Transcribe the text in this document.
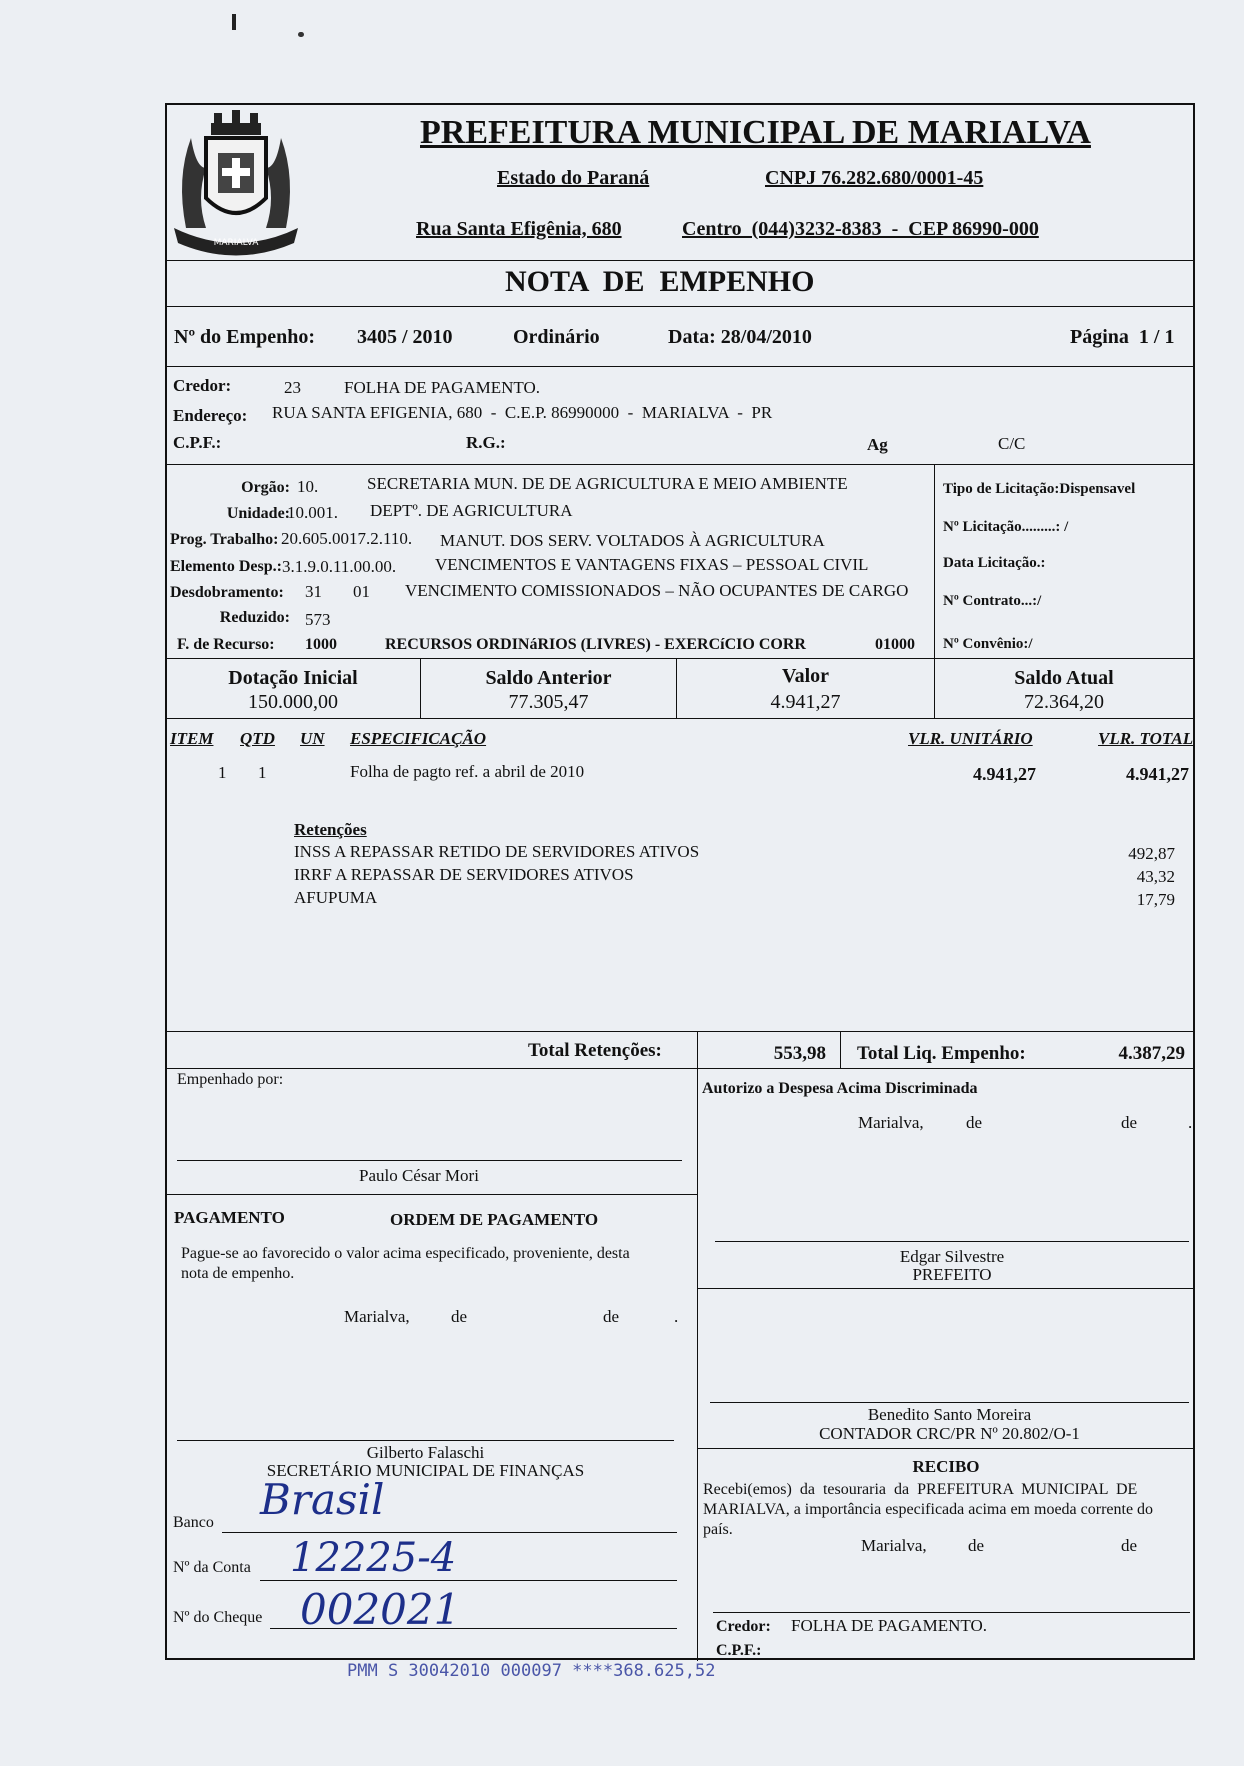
MARIALVA
PREFEITURA MUNICIPAL DE MARIALVA
Estado do Paraná	CNPJ 76.282.680/0001-45
Rua Santa Efigênia, 680	Centro  (044)3232-8383  -  CEP 86990-000
NOTA  DE  EMPENHO
Nº do Empenho: 3405 / 2010	Ordinário	Data: 28/04/2010	Página  1 / 1
Credor:	23	FOLHA DE PAGAMENTO.
Endereço: RUA SANTA EFIGENIA, 680  -  C.E.P. 86990000  -  MARIALVA  -  PR
C.P.F.:	R.G.:	Ag	C/C
Orgão: 10.	SECRETARIA MUN. DE DE AGRICULTURA E MEIO AMBIENTE
Unidade:
10.001. DEPTº. DE AGRICULTURA
Prog. Trabalho: 20.605.0017.2.110. MANUT. DOS SERV. VOLTADOS À AGRICULTURA
Elemento Desp.: 3.1.9.0.11.00.00. VENCIMENTOS E VANTAGENS FIXAS – PESSOAL CIVIL
Desdobramento: 31 01 VENCIMENTO COMISSIONADOS – NÃO OCUPANTES DE CARGO
Reduzido: 573
F. de Recurso: 1000	RECURSOS ORDINáRIOS (LIVRES) - EXERCíCIO CORR	01000
Tipo de Licitação:Dispensavel
Nº Licitação.........: /
Data Licitação.:
Nº Contrato...:/
Nº Convênio:/
Dotação Inicial
150.000,00
Saldo Anterior
77.305,47
Valor
4.941,27
Saldo Atual
72.364,20
ITEM QTD UN ESPECIFICAÇÃO	VLR. UNITÁRIO	VLR. TOTAL
1 1	Folha de pagto ref. a abril de 2010	4.941,27	4.941,27
Retenções
INSS A REPASSAR RETIDO DE SERVIDORES ATIVOS	492,87
IRRF A REPASSAR DE SERVIDORES ATIVOS	43,32
AFUPUMA	17,79
Total Retenções:	553,98 Total Liq. Empenho:	4.387,29
Empenhado por:
Paulo César Mori
PAGAMENTO	ORDEM DE PAGAMENTO
Pague-se ao favorecido o valor acima especificado, proveniente, desta
nota de empenho.
Marialva, de	de	.
Gilberto Falaschi
SECRETÁRIO MUNICIPAL DE FINANÇAS
Banco Brasil
Nº da Conta 12225-4
Nº do Cheque 002021
Autorizo a Despesa Acima Discriminada
Marialva, de	de	.
Edgar Silvestre
PREFEITO
Benedito Santo Moreira
CONTADOR CRC/PR Nº 20.802/O-1
RECIBO
Recebi(emos)  da  tesouraria  da  PREFEITURA  MUNICIPAL  DE
MARIALVA, a importância especificada acima em moeda corrente do
país.
Marialva, de	de
Credor: FOLHA DE PAGAMENTO.
C.P.F.:
PMM S 30042010 000097 ****368.625,52
